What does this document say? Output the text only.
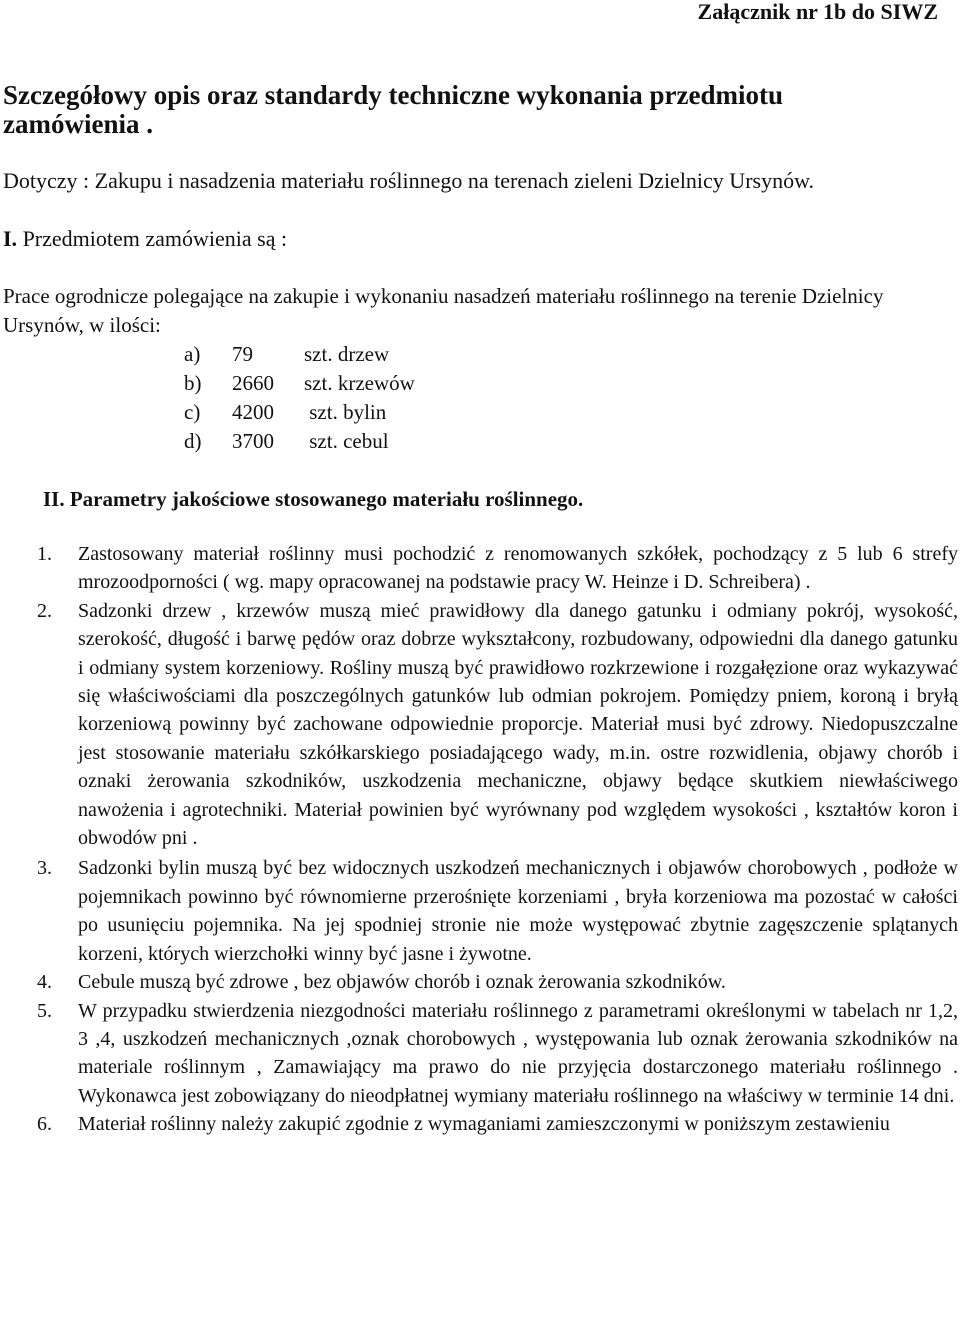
Załącznik nr 1b do SIWZ
Szczegółowy opis oraz standardy techniczne wykonania przedmiotu zamówienia .
Dotyczy : Zakupu i nasadzenia materiału roślinnego na terenach zieleni Dzielnicy Ursynów.
I. Przedmiotem zamówienia są :
Prace ogrodnicze polegające na zakupie i wykonaniu nasadzeń materiału roślinnego na terenie Dzielnicy Ursynów, w ilości:
a)	79	szt. drzew
b)	2660	szt. krzewów
c)	4200	szt. bylin
d)	3700	szt. cebul
II. Parametry jakościowe stosowanego materiału roślinnego.
1.	Zastosowany materiał roślinny musi pochodzić z renomowanych szkółek, pochodzący z 5 lub 6 strefy mrozoodporności ( wg. mapy opracowanej na podstawie pracy W. Heinze i D. Schreibera) .
2.	Sadzonki drzew , krzewów muszą mieć prawidłowy dla danego gatunku i odmiany pokrój, wysokość, szerokość, długość i barwę pędów oraz dobrze wykształcony, rozbudowany, odpowiedni dla danego gatunku i odmiany system korzeniowy. Rośliny muszą być prawidłowo rozkrzewione i rozgałęzione oraz wykazywać się właściwościami dla poszczególnych gatunków lub odmian pokrojem. Pomiędzy pniem, koroną i bryłą korzeniową powinny być zachowane odpowiednie proporcje. Materiał musi być zdrowy. Niedopuszczalne jest stosowanie materiału szkółkarskiego posiadającego wady, m.in. ostre rozwidlenia, objawy chorób i oznaki żerowania szkodników, uszkodzenia mechaniczne, objawy będące skutkiem niewłaściwego nawożenia i agrotechniki. Materiał powinien być wyrównany pod względem wysokości , kształtów koron i obwodów pni .
3.	Sadzonki bylin muszą być bez widocznych uszkodzeń mechanicznych i objawów chorobowych , podłoże w pojemnikach powinno być równomierne przerośnięte korzeniami , bryła korzeniowa ma pozostać w całości po usunięciu pojemnika. Na jej spodniej stronie nie może występować zbytnie zagęszczenie splątanych korzeni, których wierzchołki winny być jasne i żywotne.
4.	Cebule muszą być zdrowe , bez objawów chorób i oznak żerowania szkodników.
5.	W przypadku stwierdzenia niezgodności materiału roślinnego z parametrami określonymi w tabelach nr 1,2, 3 ,4, uszkodzeń mechanicznych ,oznak chorobowych , występowania lub oznak żerowania szkodników na materiale roślinnym , Zamawiający ma prawo do nie przyjęcia dostarczonego materiału roślinnego . Wykonawca jest zobowiązany do nieodpłatnej wymiany materiału roślinnego na właściwy w terminie 14 dni.
6.	Materiał roślinny należy zakupić zgodnie z wymaganiami zamieszczonymi w poniższym zestawieniu
